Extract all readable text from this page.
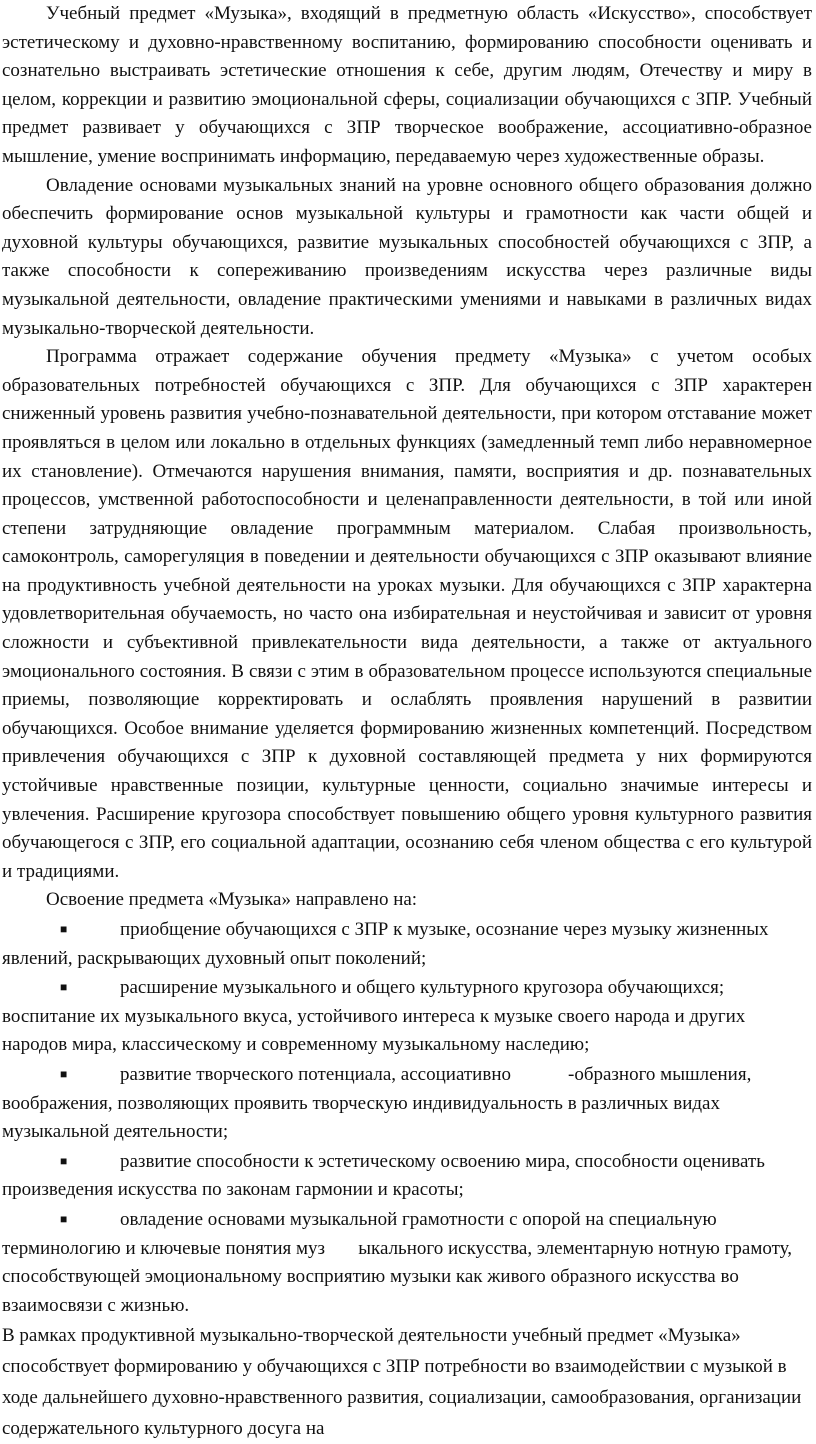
Учебный предмет «Музыка», входящий в предметную область «Искусство», способствует эстетическому и духовно-нравственному воспитанию, формированию способности оценивать и сознательно выстраивать эстетические отношения к себе, другим людям, Отечеству и миру в целом, коррекции и развитию эмоциональной сферы, социализации обучающихся с ЗПР. Учебный предмет развивает у обучающихся с ЗПР творческое воображение, ассоциативно-образное мышление, умение воспринимать информацию, передаваемую через художественные образы.

Овладение основами музыкальных знаний на уровне основного общего образования должно обеспечить формирование основ музыкальной культуры и грамотности как части общей и духовной культуры обучающихся, развитие музыкальных способностей обучающихся с ЗПР, а также способности к сопереживанию произведениям искусства через различные виды музыкальной деятельности, овладение практическими умениями и навыками в различных видах музыкально-творческой деятельности.

Программа отражает содержание обучения предмету «Музыка» с учетом особых образовательных потребностей обучающихся с ЗПР. Для обучающихся с ЗПР характерен сниженный уровень развития учебно-познавательной деятельности, при котором отставание может проявляться в целом или локально в отдельных функциях (замедленный темп либо неравномерное их становление). Отмечаются нарушения внимания, памяти, восприятия и др. познавательных процессов, умственной работоспособности и целенаправленности деятельности, в той или иной степени затрудняющие овладение программным материалом. Слабая произвольность, самоконтроль, саморегуляция в поведении и деятельности обучающихся с ЗПР оказывают влияние на продуктивность учебной деятельности на уроках музыки. Для обучающихся с ЗПР характерна удовлетворительная обучаемость, но часто она избирательная и неустойчивая и зависит от уровня сложности и субъективной привлекательности вида деятельности, а также от актуального эмоционального состояния. В связи с этим в образовательном процессе используются специальные приемы, позволяющие корректировать и ослаблять проявления нарушений в развитии обучающихся. Особое внимание уделяется формированию жизненных компетенций. Посредством привлечения обучающихся с ЗПР к духовной составляющей предмета у них формируются устойчивые нравственные позиции, культурные ценности, социально значимые интересы и увлечения. Расширение кругозора способствует повышению общего уровня культурного развития обучающегося с ЗПР, его социальной адаптации, осознанию себя членом общества с его культурой и традициями.

Освоение предмета «Музыка» направлено на:

■	приобщение обучающихся с ЗПР к музыке, осознание через музыку жизненных явлений, раскрывающих духовный опыт поколений;

■	расширение музыкального и общего культурного кругозора обучающихся; воспитание их музыкального вкуса, устойчивого интереса к музыке своего народа и других народов мира, классическому и современному музыкальному наследию;

■	развитие творческого потенциала, ассоциативно            -образного мышления, воображения, позволяющих проявить творческую индивидуальность в различных видах музыкальной деятельности;

■	развитие способности к эстетическому освоению мира, способности оценивать произведения искусства по законам гармонии и красоты;

■	овладение основами музыкальной грамотности с опорой на специальную терминологию и ключевые понятия муз       ыкального искусства, элементарную нотную грамоту, способствующей эмоциональному восприятию музыки как живого образного искусства во взаимосвязи с жизнью.

В рамках продуктивной музыкально-творческой деятельности учебный предмет «Музыка» способствует формированию у обучающихся с ЗПР потребности во взаимодействии с музыкой в ходе дальнейшего духовно-нравственного развития, социализации, самообразования, организации содержательного культурного досуга на
